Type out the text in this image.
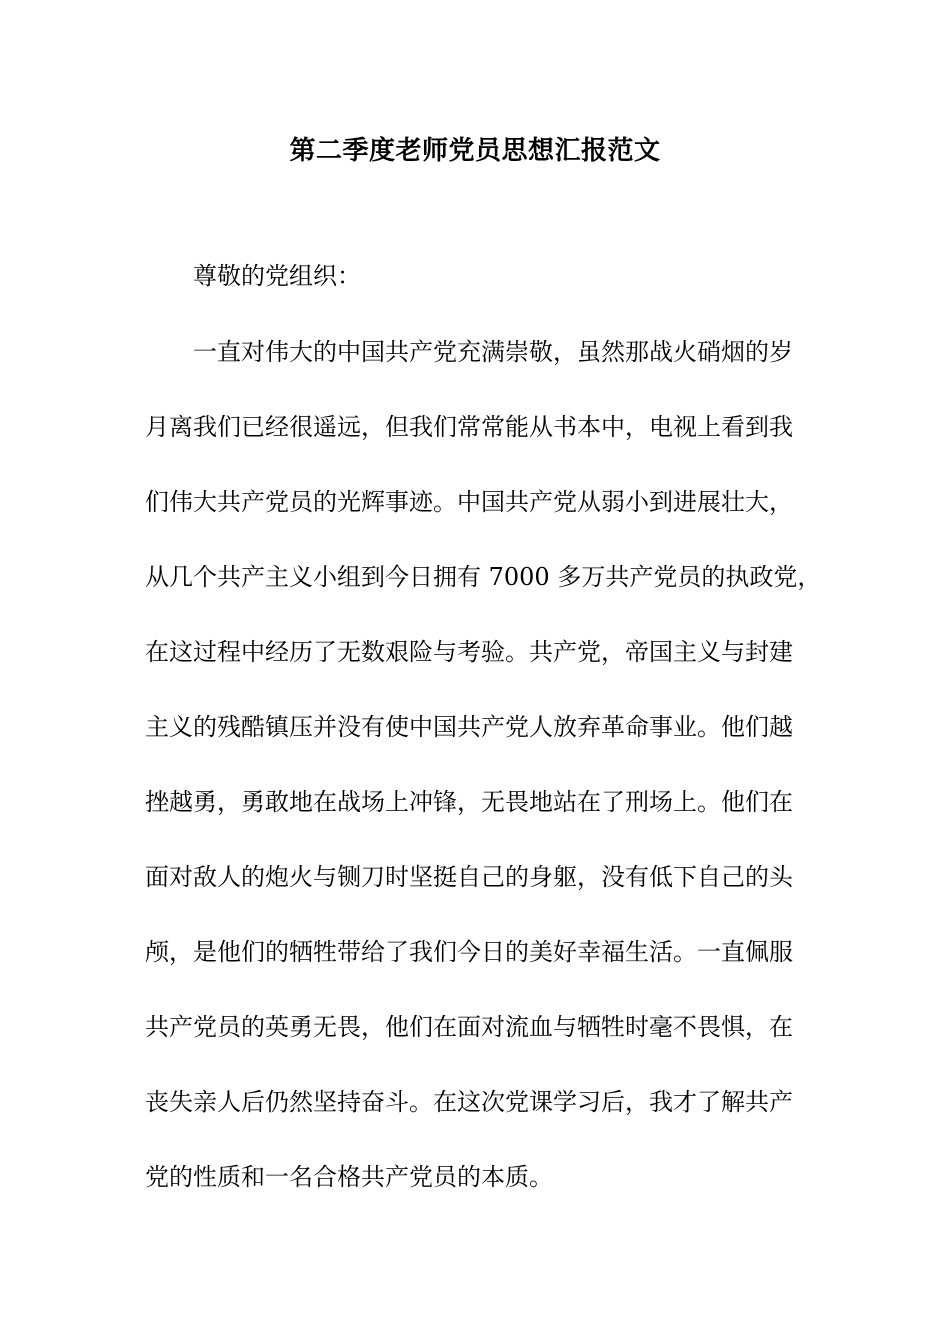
第二季度老师党员思想汇报范文
尊敬的党组织：
一直对伟大的中国共产党充满崇敬，虽然那战火硝烟的岁
月离我们已经很遥远，但我们常常能从书本中，电视上看到我
们伟大共产党员的光辉事迹。中国共产党从弱小到进展壮大，
从几个共产主义小组到今日拥有 7000 多万共产党员的执政党，
在这过程中经历了无数艰险与考验。共产党，帝国主义与封建
主义的残酷镇压并没有使中国共产党人放弃革命事业。他们越
挫越勇，勇敢地在战场上冲锋，无畏地站在了刑场上。他们在
面对敌人的炮火与铡刀时坚挺自己的身躯，没有低下自己的头
颅，是他们的牺牲带给了我们今日的美好幸福生活。一直佩服
共产党员的英勇无畏，他们在面对流血与牺牲时毫不畏惧，在
丧失亲人后仍然坚持奋斗。在这次党课学习后，我才了解共产
党的性质和一名合格共产党员的本质。
